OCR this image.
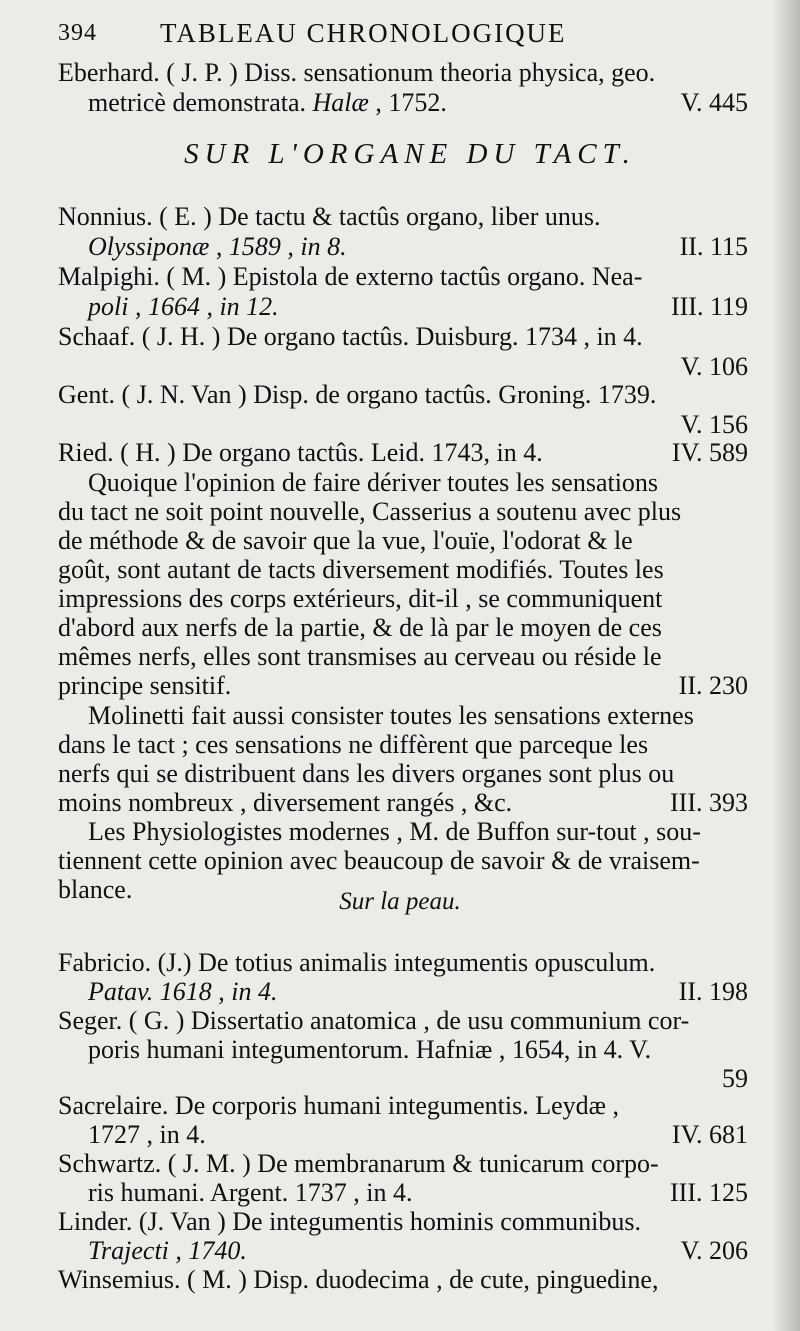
394 TABLEAU CHRONOLOGIQUE
Eberhard. ( J. P. ) Diss. sensationum theoria physica, geo.
metricè demonstrata. Halæ , 1752.	V. 445
SUR L'ORGANE DU TACT.
Nonnius. ( E. ) De tactu & tactûs organo, liber unus.
Olyssiponæ , 1589 , in 8.	II. 115
Malpighi. ( M. ) Epistola de externo tactûs organo. Nea-
poli , 1664 , in 12.	III. 119
Schaaf. ( J. H. ) De organo tactûs. Duisburg. 1734 , in 4.
V. 106
Gent. ( J. N. Van ) Disp. de organo tactûs. Groning. 1739.
V. 156
Ried. ( H. ) De organo tactûs. Leid. 1743, in 4.	IV. 589
Quoique l'opinion de faire dériver toutes les sensations
du tact ne soit point nouvelle, Casserius a soutenu avec plus
de méthode & de savoir que la vue, l'ouïe, l'odorat & le
goût, sont autant de tacts diversement modifiés. Toutes les
impressions des corps extérieurs, dit-il , se communiquent
d'abord aux nerfs de la partie, & de là par le moyen de ces
mêmes nerfs, elles sont transmises au cerveau ou réside le
principe sensitif.	II. 230
Molinetti fait aussi consister toutes les sensations externes
dans le tact ; ces sensations ne diffèrent que parceque les
nerfs qui se distribuent dans les divers organes sont plus ou
moins nombreux , diversement rangés , &c.	III. 393
Les Physiologistes modernes , M. de Buffon sur-tout , sou-
tiennent cette opinion avec beaucoup de savoir & de vraisem-
blance.	Sur la peau.
Fabricio. (J.) De totius animalis integumentis opusculum.
Patav. 1618 , in 4.	II. 198
Seger. ( G. ) Dissertatio anatomica , de usu communium cor-
poris humani integumentorum. Hafniæ , 1654, in 4. V.
59
Sacrelaire. De corporis humani integumentis. Leydæ ,
1727 , in 4.	IV. 681
Schwartz. ( J. M. ) De membranarum & tunicarum corpo-
ris humani. Argent. 1737 , in 4.	III. 125
Linder. (J. Van ) De integumentis hominis communibus.
Trajecti , 1740.	V. 206
Winsemius. ( M. ) Disp. duodecima , de cute, pinguedine,
